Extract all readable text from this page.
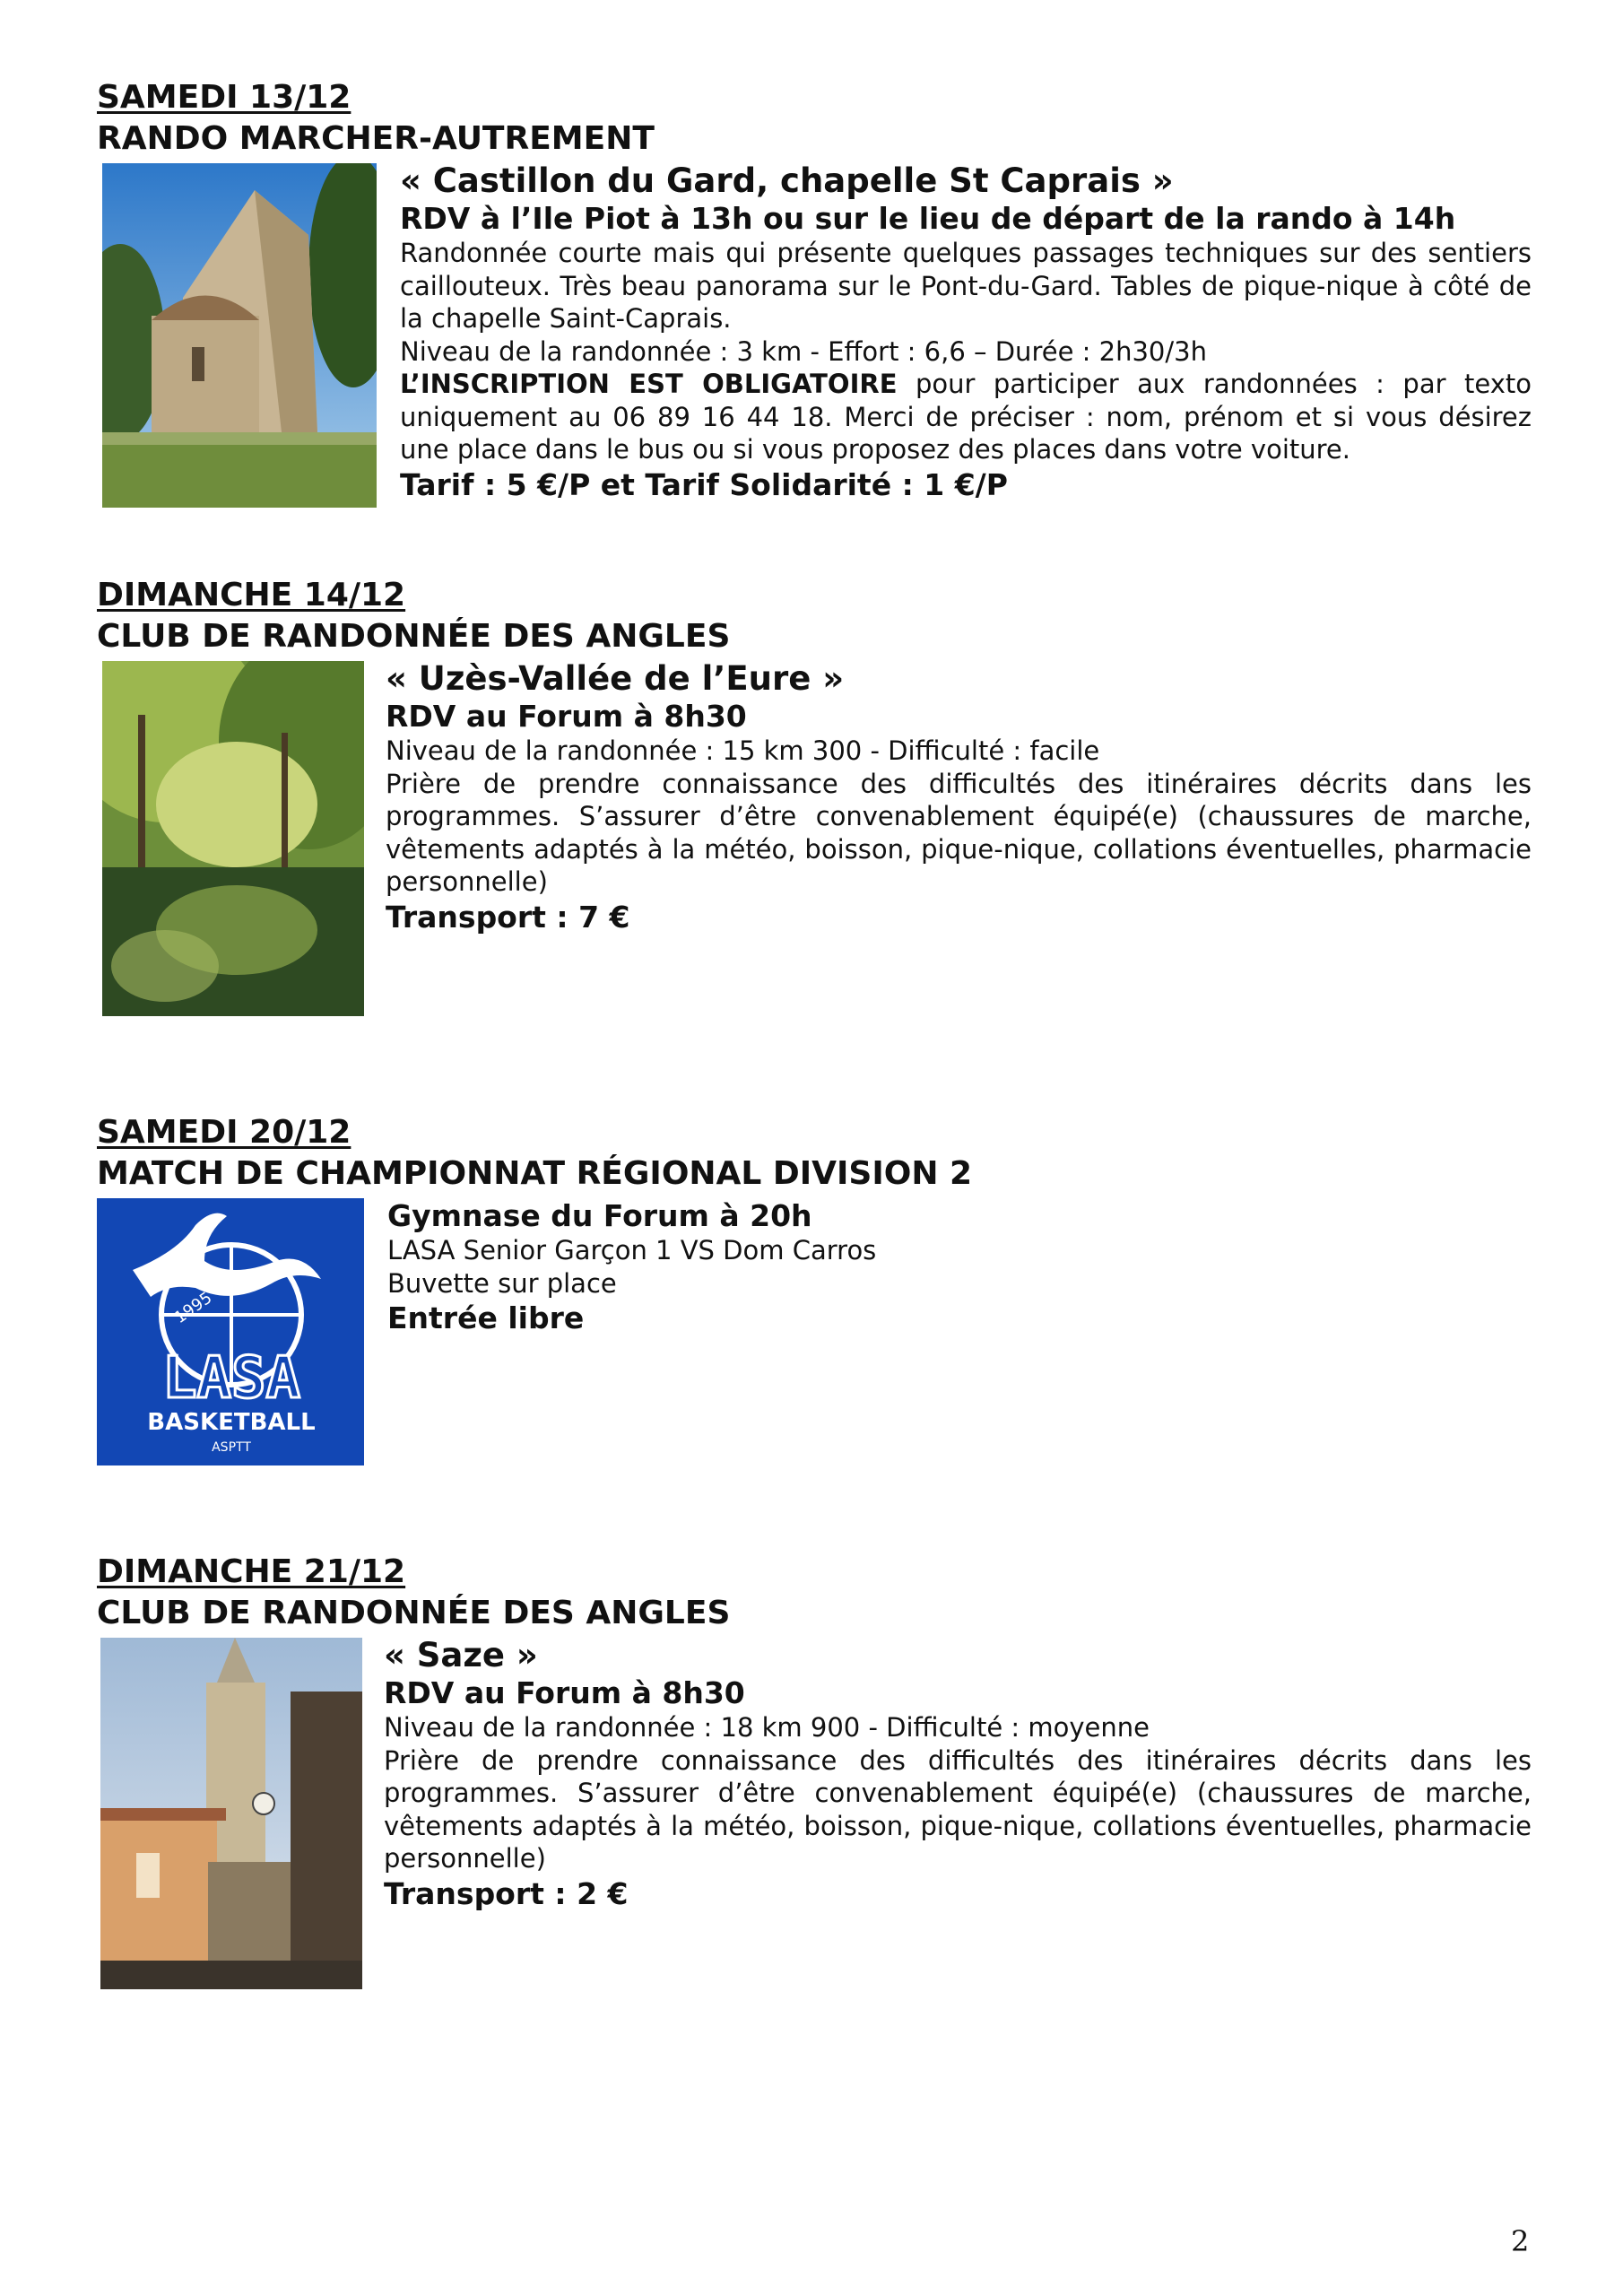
SAMEDI 13/12
RANDO MARCHER-AUTREMENT
« Castillon du Gard, chapelle St Caprais »
RDV à l’Ile Piot à 13h ou sur le lieu de départ de la rando à 14h
Randonnée courte mais qui présente quelques passages techniques sur des sentiers caillouteux. Très beau panorama sur le Pont-du-Gard. Tables de pique-nique à côté de la chapelle Saint-Caprais.
Niveau de la randonnée : 3 km - Effort : 6,6 – Durée : 2h30/3h
L’INSCRIPTION EST OBLIGATOIRE pour participer aux randonnées : par texto uniquement au 06 89 16 44 18. Merci de préciser : nom, prénom et si vous désirez une place dans le bus ou si vous proposez des places dans votre voiture.
Tarif : 5 €/P et Tarif Solidarité : 1 €/P
DIMANCHE 14/12
CLUB DE RANDONNÉE DES ANGLES
« Uzès-Vallée de l’Eure »
RDV au Forum à 8h30
Niveau de la randonnée : 15 km 300 - Difficulté : facile
Prière de prendre connaissance des difficultés des itinéraires décrits dans les programmes. S’assurer d’être convenablement équipé(e) (chaussures de marche, vêtements adaptés à la météo, boisson, pique-nique, collations éventuelles, pharmacie personnelle)
Transport : 7 €
SAMEDI 20/12
MATCH DE CHAMPIONNAT RÉGIONAL DIVISION 2
1995
LASA
BASKETBALL
ASPTT
Gymnase du Forum à 20h
LASA Senior Garçon 1 VS Dom Carros
Buvette sur place
Entrée libre
DIMANCHE 21/12
CLUB DE RANDONNÉE DES ANGLES
« Saze »
RDV au Forum à 8h30
Niveau de la randonnée : 18 km 900 - Difficulté : moyenne
Prière de prendre connaissance des difficultés des itinéraires décrits dans les programmes. S’assurer d’être convenablement équipé(e) (chaussures de marche, vêtements adaptés à la météo, boisson, pique-nique, collations éventuelles, pharmacie personnelle)
Transport : 2 €
2
